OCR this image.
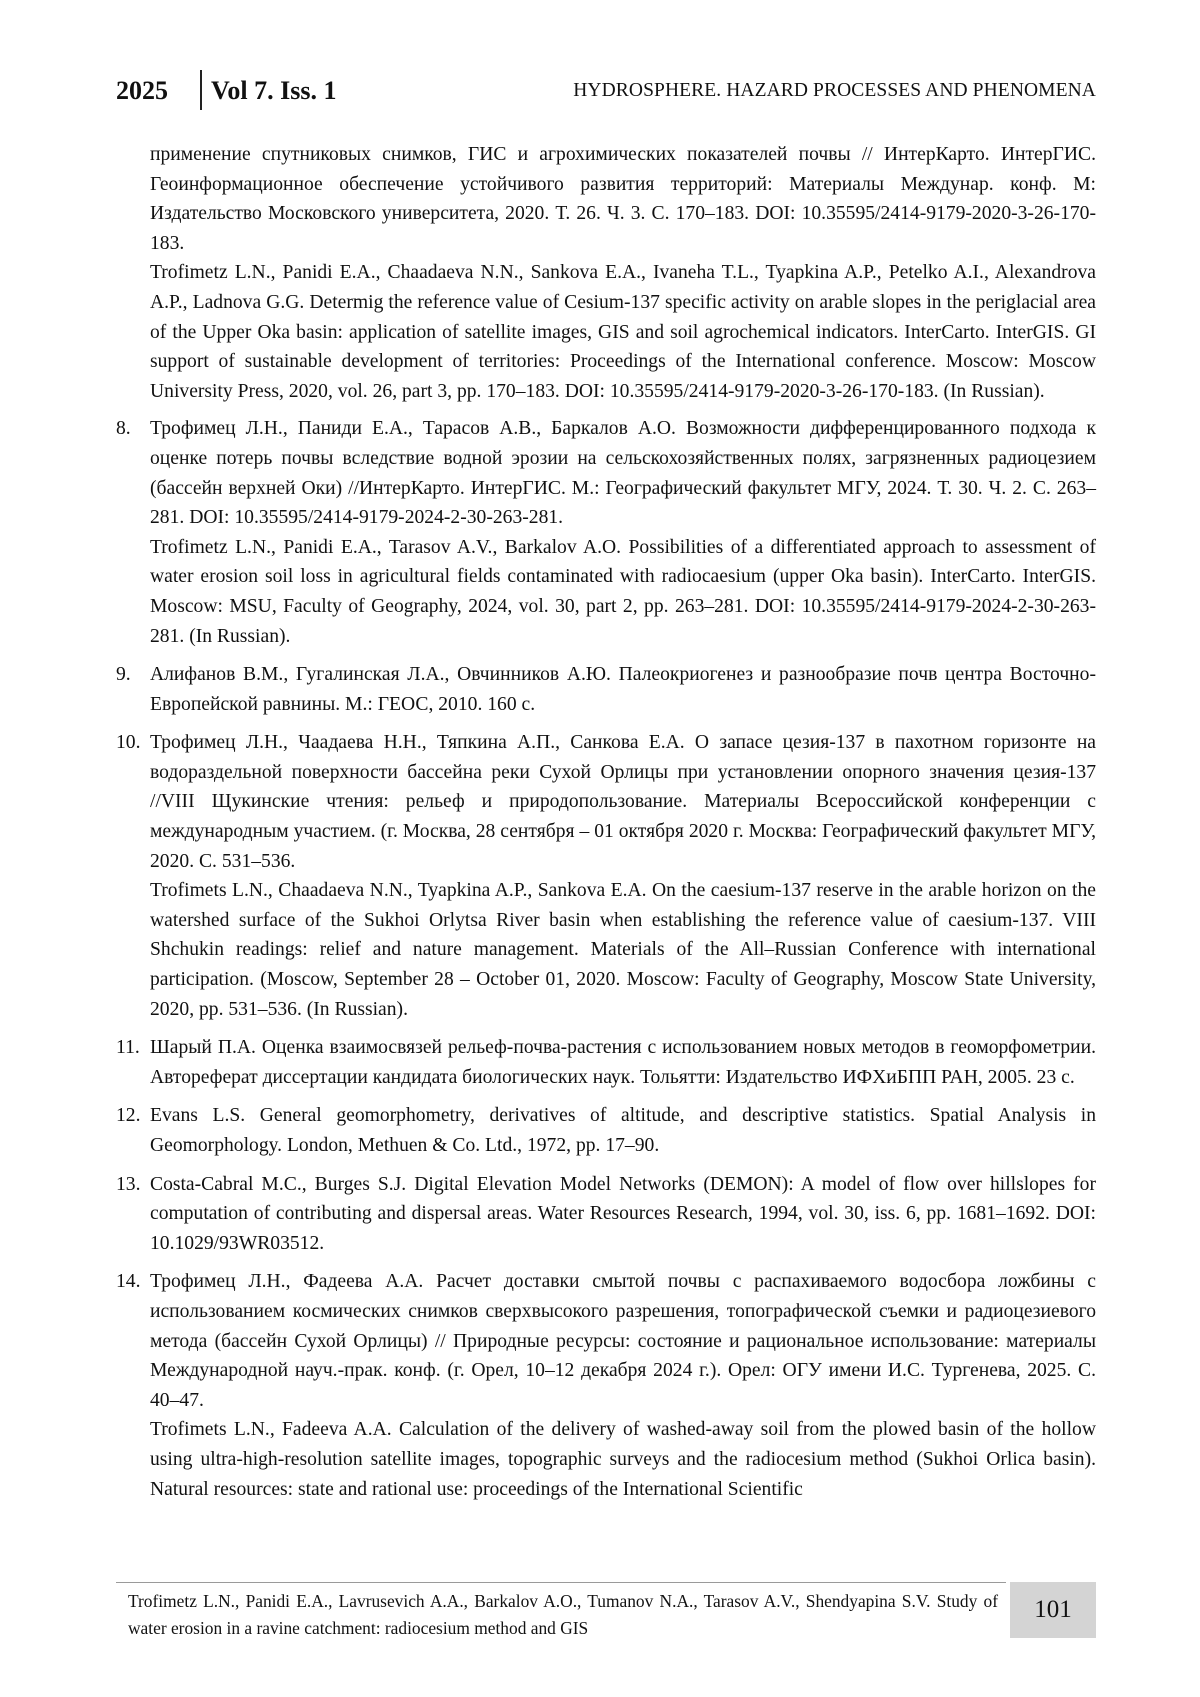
2025 Vol 7. Iss. 1	HYDROSPHERE. HAZARD PROCESSES AND PHENOMENA

применение спутниковых снимков, ГИС и агрохимических показателей почвы // ИнтерКарто. ИнтерГИС. Геоинформационное обеспечение устойчивого развития территорий: Материалы Междунар. конф. М: Издательство Московского университета, 2020. Т. 26. Ч. 3. С. 170–183. DOI: 10.35595/2414-9179-2020-3-26-170-183.

Trofimetz L.N., Panidi E.A., Chaadaeva N.N., Sankova E.A., Ivaneha T.L., Tyapkina A.P., Petelko A.I., Alexandrova A.P., Ladnova G.G. Determig the reference value of Cesium-137 specific activity on arable slopes in the periglacial area of the Upper Oka basin: application of satellite images, GIS and soil agrochemical indicators. InterCarto. InterGIS. GI support of sustainable development of territories: Proceedings of the International conference. Moscow: Moscow University Press, 2020, vol. 26, part 3, pp. 170–183. DOI: 10.35595/2414-9179-2020-3-26-170-183. (In Russian).

8. Трофимец Л.Н., Паниди Е.А., Тарасов А.В., Баркалов А.О. Возможности дифференцированного подхода к оценке потерь почвы вследствие водной эрозии на сельскохозяйственных полях, загрязненных радиоцезием (бассейн верхней Оки) //ИнтерКарто. ИнтерГИС. М.: Географический факультет МГУ, 2024. Т. 30. Ч. 2. С. 263–281. DOI: 10.35595/2414-9179-2024-2-30-263-281.

Trofimetz L.N., Panidi E.A., Tarasov A.V., Barkalov A.O. Possibilities of a differentiated approach to assessment of water erosion soil loss in agricultural fields contaminated with radiocaesium (upper Oka basin). InterCarto. InterGIS. Moscow: MSU, Faculty of Geography, 2024, vol. 30, part 2, pp. 263–281. DOI: 10.35595/2414-9179-2024-2-30-263-281. (In Russian).

9. Алифанов В.М., Гугалинская Л.А., Овчинников А.Ю. Палеокриогенез и разнообразие почв центра Восточно-Европейской равнины. М.: ГЕОС, 2010. 160 с.

10. Трофимец Л.Н., Чаадаева Н.Н., Тяпкина А.П., Санкова Е.А. О запасе цезия-137 в пахотном горизонте на водораздельной поверхности бассейна реки Сухой Орлицы при установлении опорного значения цезия-137 //VIII Щукинские чтения: рельеф и природопользование. Материалы Всероссийской конференции с международным участием. (г. Москва, 28 сентября – 01 октября 2020 г. Москва: Географический факультет МГУ, 2020. С. 531–536.

Trofimets L.N., Chaadaeva N.N., Tyapkina A.P., Sankova E.A. On the caesium-137 reserve in the arable horizon on the watershed surface of the Sukhoi Orlytsa River basin when establishing the reference value of caesium-137. VIII Shchukin readings: relief and nature management. Materials of the All–Russian Conference with international participation. (Moscow, September 28 – October 01, 2020. Moscow: Faculty of Geography, Moscow State University, 2020, pp. 531–536. (In Russian).

11. Шарый П.А. Оценка взаимосвязей рельеф-почва-растения с использованием новых методов в геоморфометрии. Автореферат диссертации кандидата биологических наук. Тольятти: Издательство ИФХиБПП РАН, 2005. 23 с.

12. Evans L.S. General geomorphometry, derivatives of altitude, and descriptive statistics. Spatial Analysis in Geomorphology. London, Methuen & Co. Ltd., 1972, pp. 17–90.

13. Costa-Cabral M.C., Burges S.J. Digital Elevation Model Networks (DEMON): A model of flow over hillslopes for computation of contributing and dispersal areas. Water Resources Research, 1994, vol. 30, iss. 6, pp. 1681–1692. DOI: 10.1029/93WR03512.

14. Трофимец Л.Н., Фадеева А.А. Расчет доставки смытой почвы с распахиваемого водосбора ложбины с использованием космических снимков сверхвысокого разрешения, топографической съемки и радиоцезиевого метода (бассейн Сухой Орлицы) // Природные ресурсы: состояние и рациональное использование: материалы Международной науч.-прак. конф. (г. Орел, 10–12 декабря 2024 г.). Орел: ОГУ имени И.С. Тургенева, 2025. С. 40–47.

Trofimets L.N., Fadeeva A.A. Calculation of the delivery of washed-away soil from the plowed basin of the hollow using ultra-high-resolution satellite images, topographic surveys and the radiocesium method (Sukhoi Orlica basin). Natural resources: state and rational use: proceedings of the International Scientific

Trofimetz L.N., Panidi E.A., Lavrusevich A.A., Barkalov A.O., Tumanov N.A., Tarasov A.V., Shendyapina S.V. Study of water erosion in a ravine catchment: radiocesium method and GIS
101
